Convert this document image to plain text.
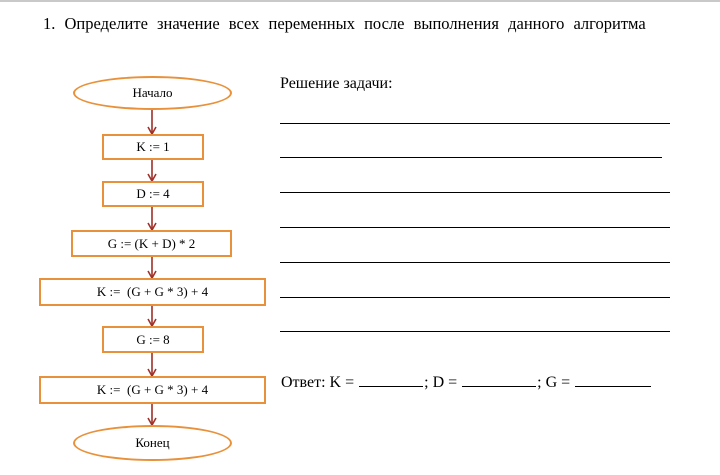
1. Определите значение всех переменных после выполнения данного алгоритма
Начало
K := 1
D := 4
G := (K + D) * 2
K :=  (G + G * 3) + 4
G := 8
K :=  (G + G * 3) + 4
Конец
Решение задачи:
Ответ: K =	; D =	; G =
